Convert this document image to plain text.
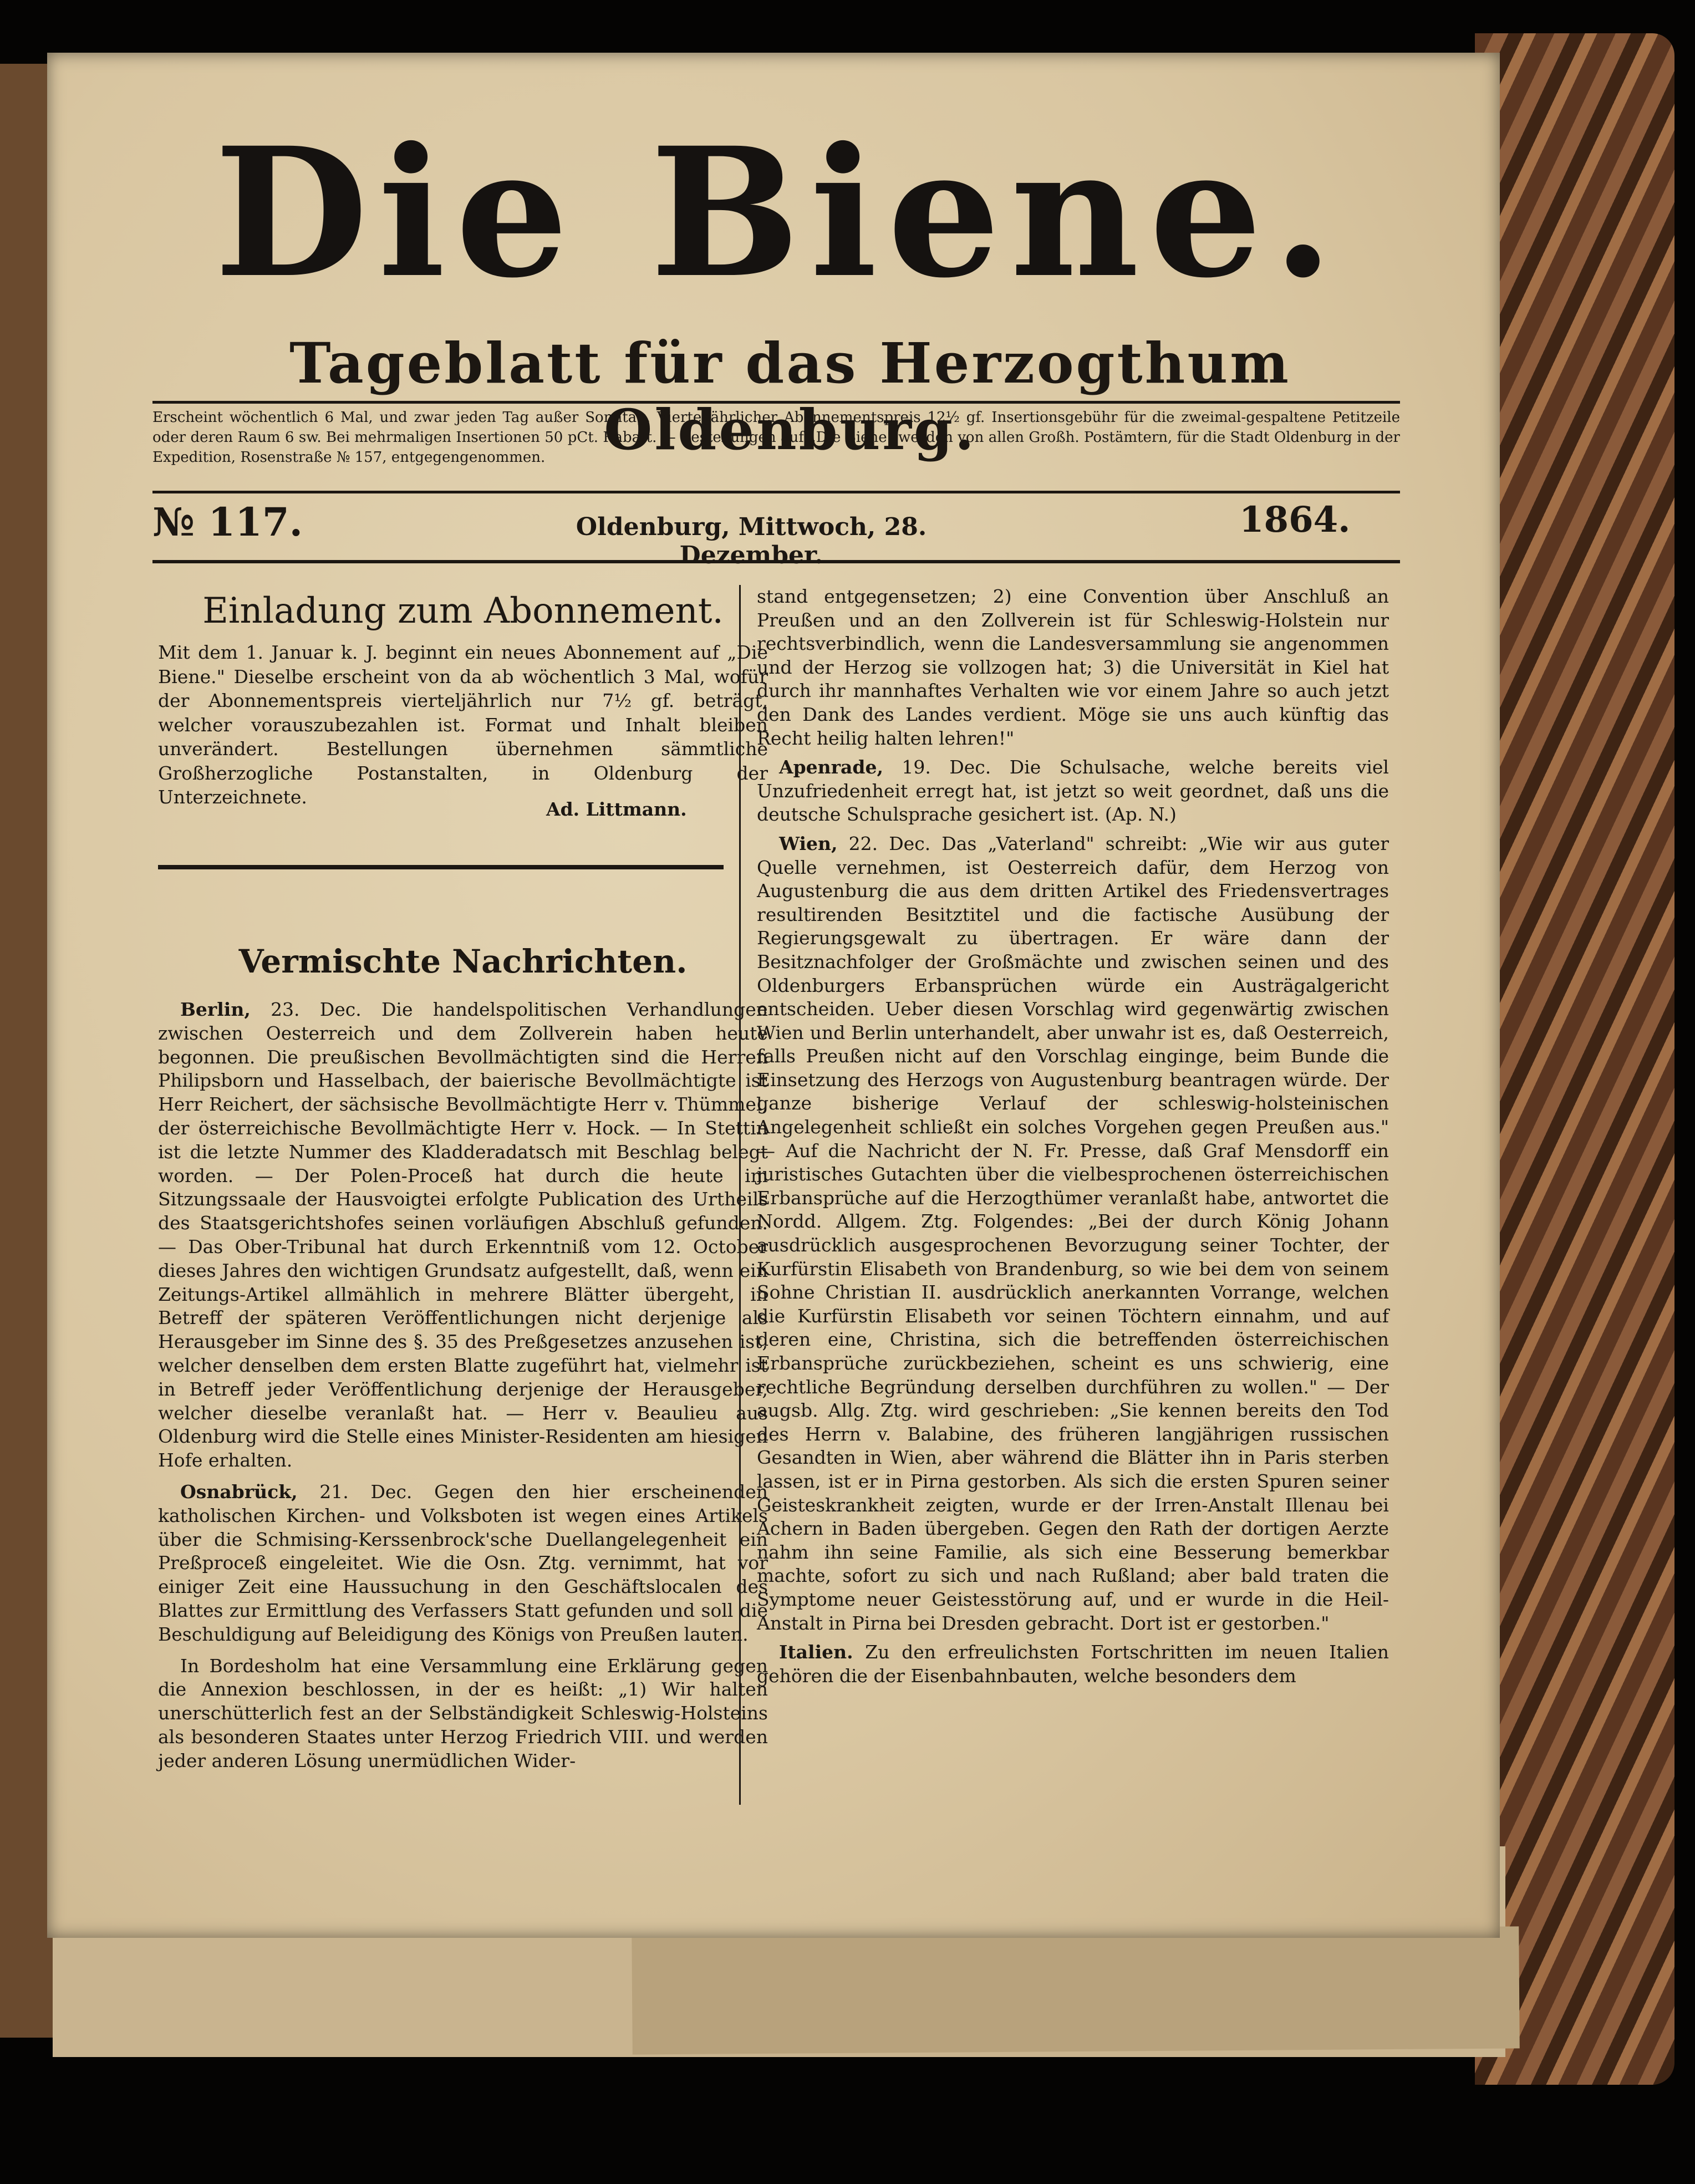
Die Biene.
Tageblatt für das Herzogthum Oldenburg.
Erscheint wöchentlich 6 Mal, und zwar jeden Tag außer Sonntag. Vierteljährlicher Abonnementspreis 12½ gf. Insertionsgebühr für die zweimal-gespaltene Petitzeile oder deren Raum 6 sw. Bei mehrmaligen Insertionen 50 pCt. Rabatt. — Bestellungen auf „Die Biene" werden von allen Großh. Postämtern, für die Stadt Oldenburg in der Expedition, Rosenstraße № 157, entgegengenommen.
№ 117.	Oldenburg, Mittwoch, 28. Dezember.
1864.
Einladung zum Abonnement.
Mit dem 1. Januar k. J. beginnt ein neues Abonnement auf „Die Biene." Dieselbe erscheint von da ab wöchentlich 3 Mal, wofür der Abonnementspreis vierteljährlich nur 7½ gf. beträgt, welcher vorauszubezahlen ist. Format und Inhalt bleiben unverändert. Bestellungen übernehmen sämmtliche Großherzogliche Postanstalten, in Oldenburg der Unterzeichnete.
Ad. Littmann.
Vermischte Nachrichten.

Berlin, 23. Dec. Die handelspolitischen Verhandlungen zwischen Oesterreich und dem Zollverein haben heute begonnen. Die preußischen Bevollmächtigten sind die Herren Philipsborn und Hasselbach, der baierische Bevollmächtigte ist Herr Reichert, der sächsische Bevollmächtigte Herr v. Thümmel, der österreichische Bevollmächtigte Herr v. Hock. — In Stettin ist die letzte Nummer des Kladderadatsch mit Beschlag belegt worden. — Der Polen-Proceß hat durch die heute im Sitzungssaale der Hausvoigtei erfolgte Publication des Urtheils des Staatsgerichtshofes seinen vorläufigen Abschluß gefunden. — Das Ober-Tribunal hat durch Erkenntniß vom 12. October dieses Jahres den wichtigen Grundsatz aufgestellt, daß, wenn ein Zeitungs-Artikel allmählich in mehrere Blätter übergeht, in Betreff der späteren Veröffentlichungen nicht derjenige als Herausgeber im Sinne des §. 35 des Preßgesetzes anzusehen ist, welcher denselben dem ersten Blatte zugeführt hat, vielmehr ist in Betreff jeder Veröffentlichung derjenige der Herausgeber, welcher dieselbe veranlaßt hat. — Herr v. Beaulieu aus Oldenburg wird die Stelle eines Minister-Residenten am hiesigen Hofe erhalten.

Osnabrück, 21. Dec. Gegen den hier erscheinenden katholischen Kirchen- und Volksboten ist wegen eines Artikels über die Schmising-Kerssenbrock'sche Duellangelegenheit ein Preßproceß eingeleitet. Wie die Osn. Ztg. vernimmt, hat vor einiger Zeit eine Haussuchung in den Geschäftslocalen des Blattes zur Ermittlung des Verfassers Statt gefunden und soll die Beschuldigung auf Beleidigung des Königs von Preußen lauten.

In Bordesholm hat eine Versammlung eine Erklärung gegen die Annexion beschlossen, in der es heißt: „1) Wir halten unerschütterlich fest an der Selbständigkeit Schleswig-Holsteins als besonderen Staates unter Herzog Friedrich VIII. und werden jeder anderen Lösung unermüdlichen Wider-

stand entgegensetzen; 2) eine Convention über Anschluß an Preußen und an den Zollverein ist für Schleswig-Holstein nur rechtsverbindlich, wenn die Landesversammlung sie angenommen und der Herzog sie vollzogen hat; 3) die Universität in Kiel hat durch ihr mannhaftes Verhalten wie vor einem Jahre so auch jetzt den Dank des Landes verdient. Möge sie uns auch künftig das Recht heilig halten lehren!"

Apenrade, 19. Dec. Die Schulsache, welche bereits viel Unzufriedenheit erregt hat, ist jetzt so weit geordnet, daß uns die deutsche Schulsprache gesichert ist. (Ap. N.)

Wien, 22. Dec. Das „Vaterland" schreibt: „Wie wir aus guter Quelle vernehmen, ist Oesterreich dafür, dem Herzog von Augustenburg die aus dem dritten Artikel des Friedensvertrages resultirenden Besitztitel und die factische Ausübung der Regierungsgewalt zu übertragen. Er wäre dann der Besitznachfolger der Großmächte und zwischen seinen und des Oldenburgers Erbansprüchen würde ein Austrägalgericht entscheiden. Ueber diesen Vorschlag wird gegenwärtig zwischen Wien und Berlin unterhandelt, aber unwahr ist es, daß Oesterreich, falls Preußen nicht auf den Vorschlag einginge, beim Bunde die Einsetzung des Herzogs von Augustenburg beantragen würde. Der ganze bisherige Verlauf der schleswig-holsteinischen Angelegenheit schließt ein solches Vorgehen gegen Preußen aus." — Auf die Nachricht der N. Fr. Presse, daß Graf Mensdorff ein juristisches Gutachten über die vielbesprochenen österreichischen Erbansprüche auf die Herzogthümer veranlaßt habe, antwortet die Nordd. Allgem. Ztg. Folgendes: „Bei der durch König Johann ausdrücklich ausgesprochenen Bevorzugung seiner Tochter, der Kurfürstin Elisabeth von Brandenburg, so wie bei dem von seinem Sohne Christian II. ausdrücklich anerkannten Vorrange, welchen die Kurfürstin Elisabeth vor seinen Töchtern einnahm, und auf deren eine, Christina, sich die betreffenden österreichischen Erbansprüche zurückbeziehen, scheint es uns schwierig, eine rechtliche Begründung derselben durchführen zu wollen." — Der augsb. Allg. Ztg. wird geschrieben: „Sie kennen bereits den Tod des Herrn v. Balabine, des früheren langjährigen russischen Gesandten in Wien, aber während die Blätter ihn in Paris sterben lassen, ist er in Pirna gestorben. Als sich die ersten Spuren seiner Geisteskrankheit zeigten, wurde er der Irren-Anstalt Illenau bei Achern in Baden übergeben. Gegen den Rath der dortigen Aerzte nahm ihn seine Familie, als sich eine Besserung bemerkbar machte, sofort zu sich und nach Rußland; aber bald traten die Symptome neuer Geistesstörung auf, und er wurde in die Heil-Anstalt in Pirna bei Dresden gebracht. Dort ist er gestorben."

Italien. Zu den erfreulichsten Fortschritten im neuen Italien gehören die der Eisenbahnbauten, welche besonders dem
